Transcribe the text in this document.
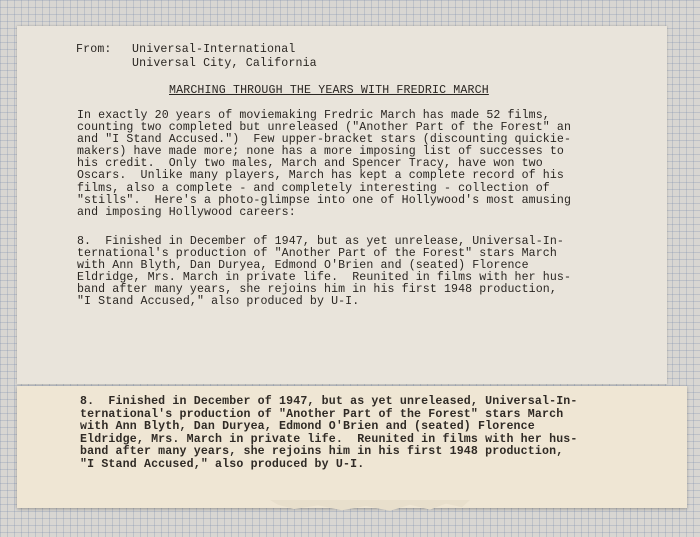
From: Universal-International
Universal City, California
MARCHING THROUGH THE YEARS WITH FREDRIC MARCH
In exactly 20 years of moviemaking Fredric March has made 52 films,
counting two completed but unreleased ("Another Part of the Forest" an
and "I Stand Accused.")  Few upper-bracket stars (discounting quickie-
makers) have made more; none has a more imposing list of successes to
his credit.  Only two males, March and Spencer Tracy, have won two
Oscars.  Unlike many players, March has kept a complete record of his
films, also a complete - and completely interesting - collection of
"stills".  Here's a photo-glimpse into one of Hollywood's most amusing
and imposing Hollywood careers:
8.  Finished in December of 1947, but as yet unrelease, Universal-In-
ternational's production of "Another Part of the Forest" stars March
with Ann Blyth, Dan Duryea, Edmond O'Brien and (seated) Florence
Eldridge, Mrs. March in private life.  Reunited in films with her hus-
band after many years, she rejoins him in his first 1948 production,
"I Stand Accused," also produced by U-I.
8.  Finished in December of 1947, but as yet unreleased, Universal-In-
ternational's production of "Another Part of the Forest" stars March
with Ann Blyth, Dan Duryea, Edmond O'Brien and (seated) Florence
Eldridge, Mrs. March in private life.  Reunited in films with her hus-
band after many years, she rejoins him in his first 1948 production,
"I Stand Accused," also produced by U-I.
